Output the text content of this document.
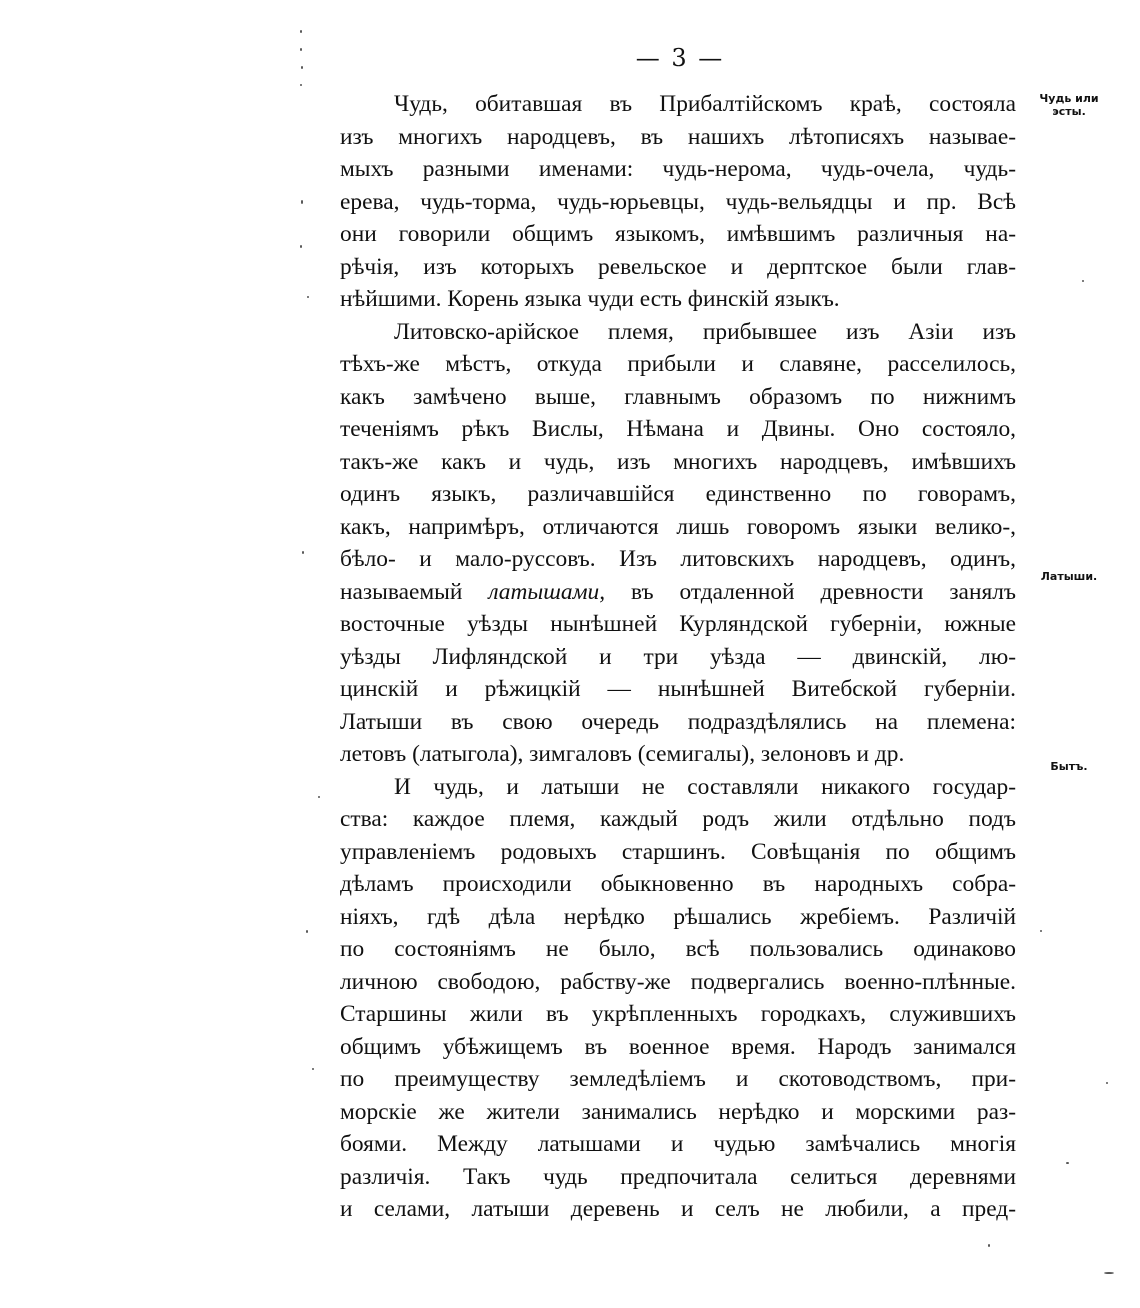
— 3 —
Чудь или эсты.
Латыши.
Бытъ.
Чудь, обитавшая въ Прибалтiйскомъ краѣ, состояла
изъ многихъ народцевъ, въ нашихъ лѣтописяхъ называе-
мыхъ разными именами: чудь-нерома, чудь-очела, чудь-
ерева, чудь-торма, чудь-юрьевцы, чудь-вельядцы и пр. Всѣ
они говорили общимъ языкомъ, имѣвшимъ различныя на-
рѣчiя, изъ которыхъ ревельское и дерптское были глав-
нѣйшими. Корень языка чуди есть финскiй языкъ.
Литовско-арiйское племя, прибывшее изъ Азiи изъ
тѣхъ-же мѣстъ, откуда прибыли и славяне, расселилось,
какъ замѣчено выше, главнымъ образомъ по нижнимъ
теченiямъ рѣкъ Вислы, Нѣмана и Двины. Оно состояло,
такъ-же какъ и чудь, изъ многихъ народцевъ, имѣвшихъ
одинъ языкъ, различавшiйся единственно по говорамъ,
какъ, напримѣръ, отличаются лишь говоромъ языки велико-,
бѣло- и мало-руссовъ. Изъ литовскихъ народцевъ, одинъ,
называемый латышами, въ отдаленной древности занялъ
восточные уѣзды нынѣшней Курляндской губернiи, южные
уѣзды Лифляндской и три уѣзда — двинскiй, лю-
цинскiй и рѣжицкiй — нынѣшней Витебской губернiи.
Латыши въ свою очередь подраздѣлялись на племена:
летовъ (латыгола), зимгаловъ (семигалы), зелоновъ и др.
И чудь, и латыши не составляли никакого государ-
ства: каждое племя, каждый родъ жили отдѣльно подъ
управленiемъ родовыхъ старшинъ. Совѣщанiя по общимъ
дѣламъ происходили обыкновенно въ народныхъ собра-
нiяхъ, гдѣ дѣла нерѣдко рѣшались жребiемъ. Различiй
по состоянiямъ не было, всѣ пользовались одинаково
личною свободою, рабству-же подвергались военно-плѣнные.
Старшины жили въ укрѣпленныхъ городкахъ, служившихъ
общимъ убѣжищемъ въ военное время. Народъ занимался
по преимуществу земледѣлiемъ и скотоводствомъ, при-
морскiе же жители занимались нерѣдко и морскими раз-
боями. Между латышами и чудью замѣчались многiя
различiя. Такъ чудь предпочитала селиться деревнями
и селами, латыши деревень и селъ не любили, а пред-
